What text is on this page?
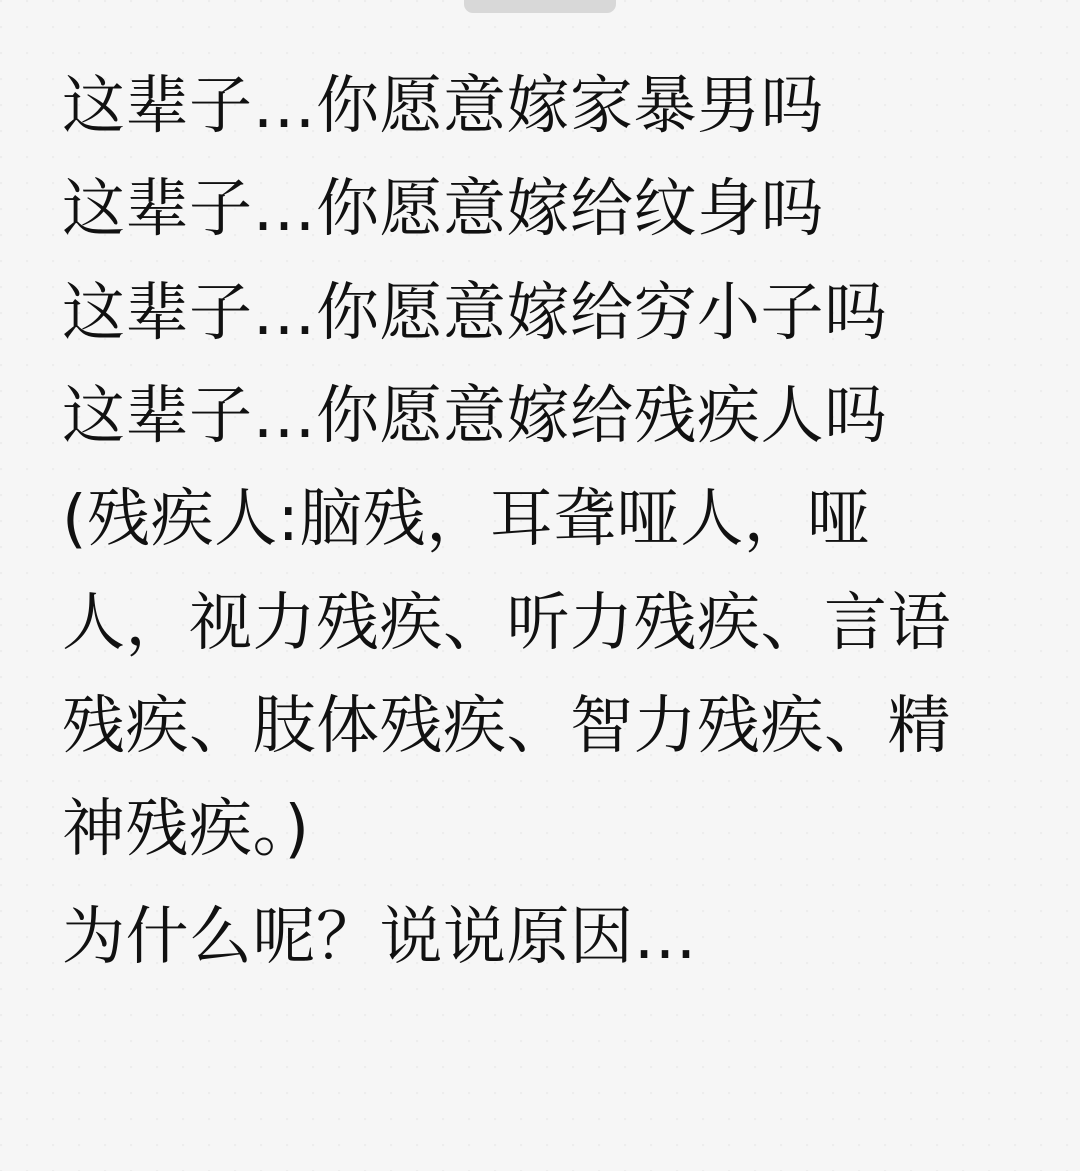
这辈子…你愿意嫁家暴男吗
这辈子…你愿意嫁给纹身吗
这辈子…你愿意嫁给穷小子吗
这辈子…你愿意嫁给残疾人吗
(残疾人:脑残，耳聋哑人，哑人，视力残疾、听力残疾、言语残疾、肢体残疾、智力残疾、精神残疾。)
为什么呢？说说原因…
